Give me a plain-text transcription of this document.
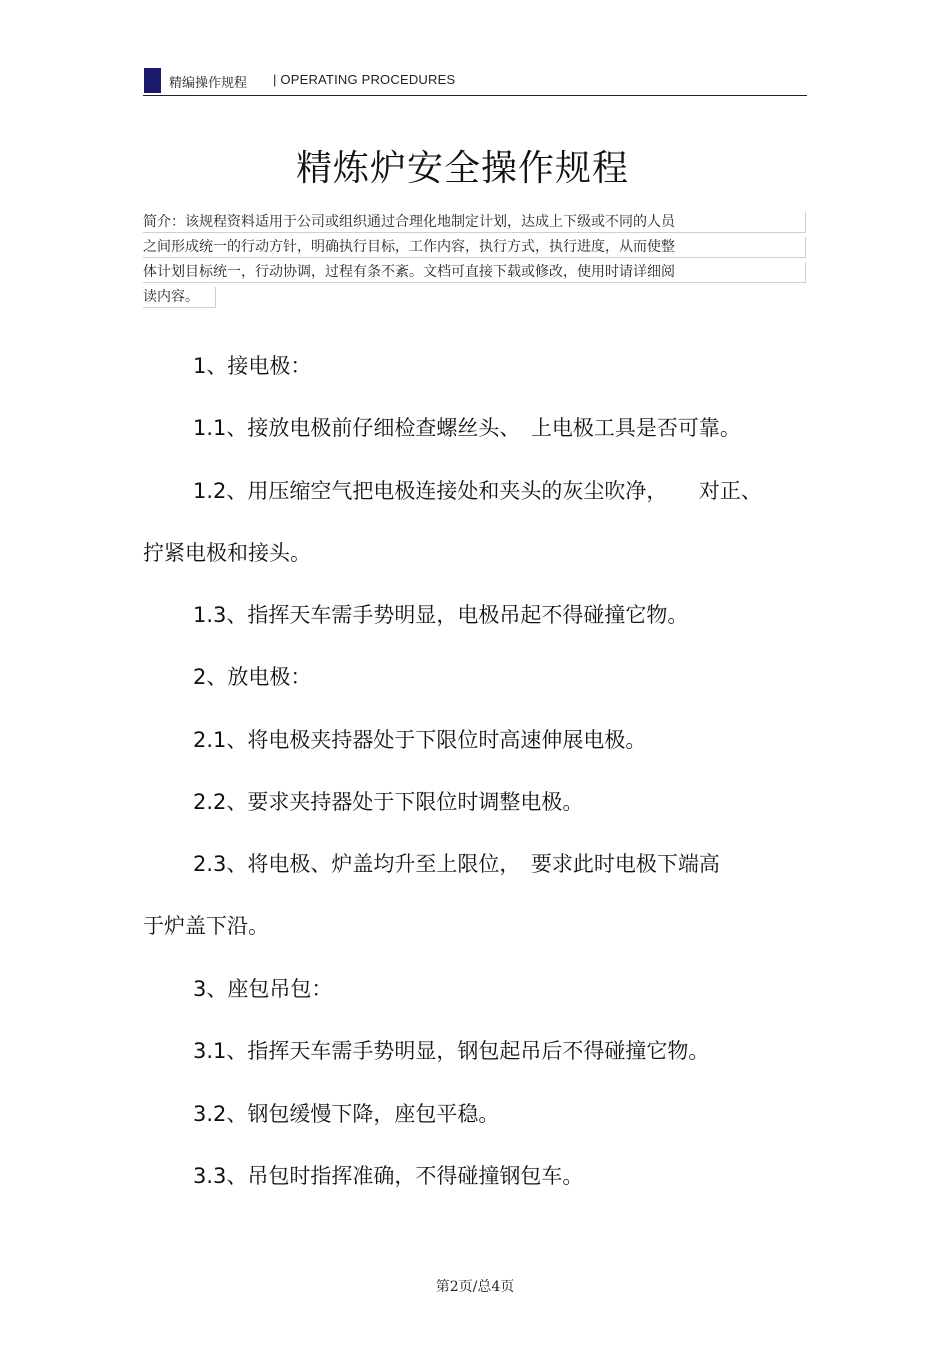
精编操作规程 | OPERATING PROCEDURES
精炼炉安全操作规程
简介：该规程资料适用于公司或组织通过合理化地制定计划，达成上下级或不同的人员
之间形成统一的行动方针，明确执行目标，工作内容，执行方式，执行进度，从而使整
体计划目标统一，行动协调，过程有条不紊。文档可直接下载或修改，使用时请详细阅
读内容。
1、接电极：
1.1、接放电极前仔细检查螺丝头、　上电极工具是否可靠。
1.2、用压缩空气把电极连接处和夹头的灰尘吹净，　　对正、
拧紧电极和接头。
1.3、指挥天车需手势明显，电极吊起不得碰撞它物。
2、放电极：
2.1、将电极夹持器处于下限位时高速伸展电极。
2.2、要求夹持器处于下限位时调整电极。
2.3、将电极、炉盖均升至上限位，　要求此时电极下端高
于炉盖下沿。
3、座包吊包：
3.1、指挥天车需手势明显，钢包起吊后不得碰撞它物。
3.2、钢包缓慢下降，座包平稳。
3.3、吊包时指挥准确，不得碰撞钢包车。
第2页/总4页
